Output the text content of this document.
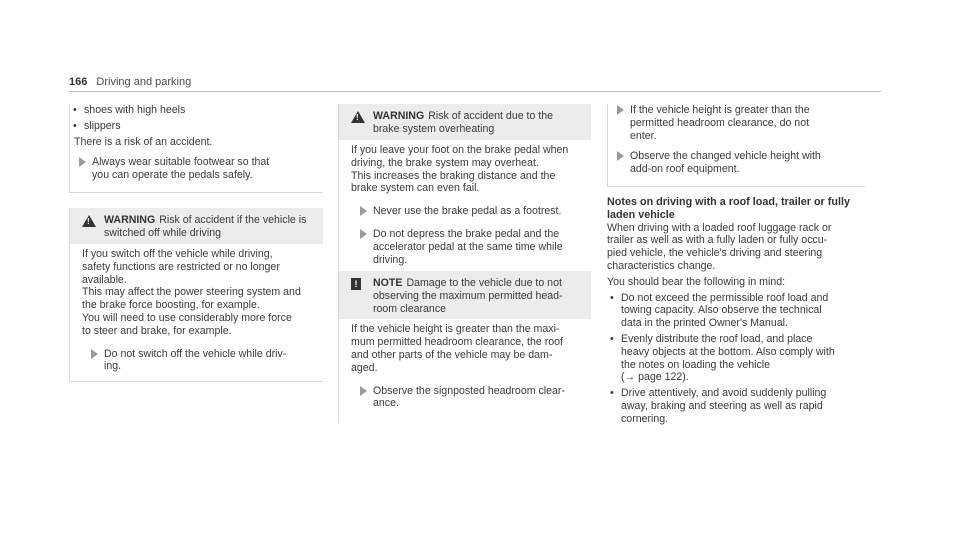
166 Driving and parking
• shoes with high heels
• slippers
There is a risk of an accident.
Always wear suitable footwear so that
you can operate the pedals safely.
!
WARNING Risk of accident if the vehicle is
switched off while driving
If you switch off the vehicle while driving,
safety functions are restricted or no longer
available.
This may affect the power steering system and
the brake force boosting, for example.
You will need to use considerably more force
to steer and brake, for example.
Do not switch off the vehicle while driv-
ing.
!
WARNING Risk of accident due to the
brake system overheating
If you leave your foot on the brake pedal when
driving, the brake system may overheat.
This increases the braking distance and the
brake system can even fail.
Never use the brake pedal as a footrest.
Do not depress the brake pedal and the
accelerator pedal at the same time while
driving.
!	NOTE Damage to the vehicle due to not
observing the maximum permitted head-
room clearance
If the vehicle height is greater than the maxi-
mum permitted headroom clearance, the roof
and other parts of the vehicle may be dam-
aged.
Observe the signposted headroom clear-
ance.
If the vehicle height is greater than the
permitted headroom clearance, do not
enter.
Observe the changed vehicle height with
add-on roof equipment.
Notes on driving with a roof load, trailer or fully
laden vehicle
When driving with a loaded roof luggage rack or
trailer as well as with a fully laden or fully occu-
pied vehicle, the vehicle's driving and steering
characteristics change.
You should bear the following in mind:
• Do not exceed the permissible roof load and
towing capacity. Also observe the technical
data in the printed Owner's Manual.
• Evenly distribute the roof load, and place
heavy objects at the bottom. Also comply with
the notes on loading the vehicle
(→ page 122).
• Drive attentively, and avoid suddenly pulling
away, braking and steering as well as rapid
cornering.
